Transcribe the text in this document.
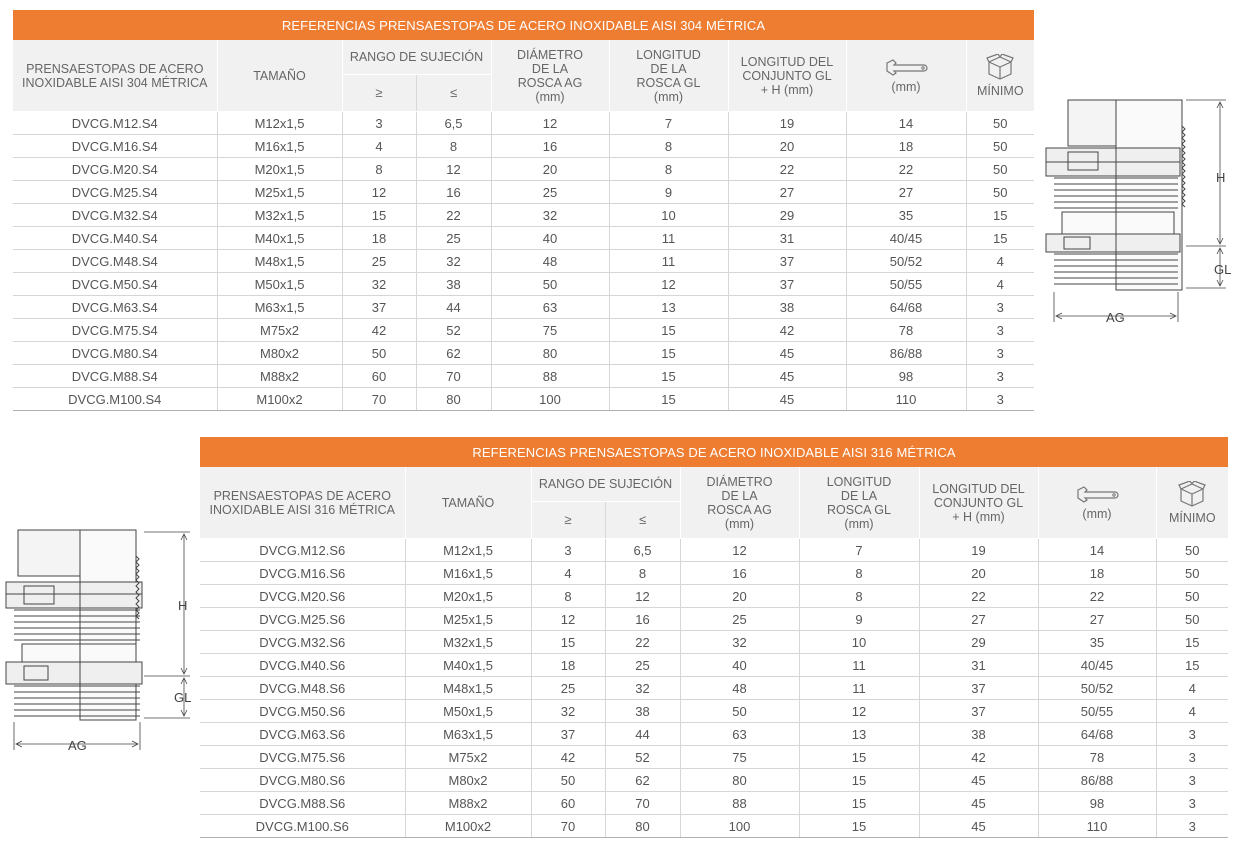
REFERENCIAS PRENSAESTOPAS DE ACERO INOXIDABLE AISI 304 MÉTRICA								
PRENSAESTOPAS DE ACERO INOXIDABLE AISI 304 MÉTRICA	TAMAÑO	RANGO DE SUJECIÓN		DIÁMETRO DE LA ROSCA AG (mm)	LONGITUD DE LA ROSCA GL (mm)	LONGITUD DEL CONJUNTO GL + H (mm)	(mm)	MÍNIMO

		≥	≤					
DVCG.M12.S4	M12x1,5	3	6,5	12	7	19	14	50
DVCG.M16.S4	M16x1,5	4	8	16	8	20	18	50
DVCG.M20.S4	M20x1,5	8	12	20	8	22	22	50
DVCG.M25.S4	M25x1,5	12	16	25	9	27	27	50
DVCG.M32.S4	M32x1,5	15	22	32	10	29	35	15
DVCG.M40.S4	M40x1,5	18	25	40	11	31	40/45	15
DVCG.M48.S4	M48x1,5	25	32	48	11	37	50/52	4
DVCG.M50.S4	M50x1,5	32	38	50	12	37	50/55	4
DVCG.M63.S4	M63x1,5	37	44	63	13	38	64/68	3
DVCG.M75.S4	M75x2	42	52	75	15	42	78	3
DVCG.M80.S4	M80x2	50	62	80	15	45	86/88	3
DVCG.M88.S4	M88x2	60	70	88	15	45	98	3
DVCG.M100.S4	M100x2	70	80	100	15	45	110	3
REFERENCIAS PRENSAESTOPAS DE ACERO INOXIDABLE AISI 316 MÉTRICA								
PRENSAESTOPAS DE ACERO INOXIDABLE AISI 316 MÉTRICA	TAMAÑO	RANGO DE SUJECIÓN		DIÁMETRO DE LA ROSCA AG (mm)	LONGITUD DE LA ROSCA GL (mm)	LONGITUD DEL CONJUNTO GL + H (mm)	(mm)	MÍNIMO

		≥	≤					
DVCG.M12.S6	M12x1,5	3	6,5	12	7	19	14	50
DVCG.M16.S6	M16x1,5	4	8	16	8	20	18	50
DVCG.M20.S6	M20x1,5	8	12	20	8	22	22	50
DVCG.M25.S6	M25x1,5	12	16	25	9	27	27	50
DVCG.M32.S6	M32x1,5	15	22	32	10	29	35	15
DVCG.M40.S6	M40x1,5	18	25	40	11	31	40/45	15
DVCG.M48.S6	M48x1,5	25	32	48	11	37	50/52	4
DVCG.M50.S6	M50x1,5	32	38	50	12	37	50/55	4
DVCG.M63.S6	M63x1,5	37	44	63	13	38	64/68	3
DVCG.M75.S6	M75x2	42	52	75	15	42	78	3
DVCG.M80.S6	M80x2	50	62	80	15	45	86/88	3
DVCG.M88.S6	M88x2	60	70	88	15	45	98	3
DVCG.M100.S6	M100x2	70	80	100	15	45	110	3
H
GL
AG
H
GL
AG
